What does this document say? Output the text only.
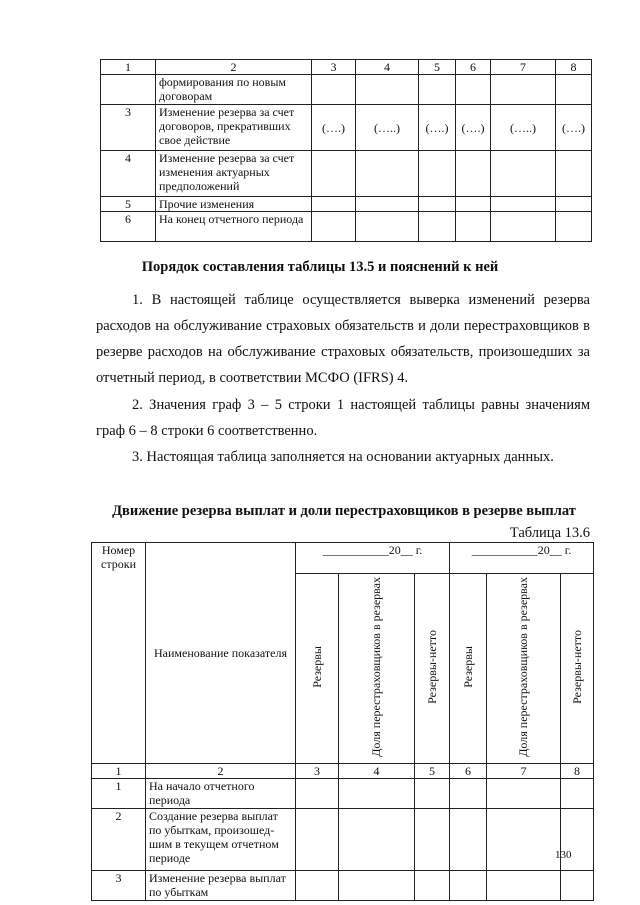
1	2	3	4	5	6	7	8
	формирования по новым договорам						
3	Изменение резерва за счет договоров, прекративших свое действие	(….)	(…..)	(….)	(….)	(…..)	(….)
4	Изменение резерва за счет изменения актуарных предположений						
5	Прочие изменения						
6	На конец отчетного периода						
Порядок составления таблицы 13.5 и пояснений к ней
1. В настоящей таблице осуществляется выверка изменений резерва расходов на обслуживание страховых обязательств и доли перестраховщиков в резерве расходов на обслуживание страховых обязательств, произошедших за отчетный период, в соответствии МСФО (IFRS) 4.
2. Значения граф 3 – 5 строки 1 настоящей таблицы равны значениям граф 6 – 8 строки 6 соответственно.
3. Настоящая таблица заполняется на основании актуарных данных.
Движение резерва выплат и доли перестраховщиков в резерве выплат
Таблица 13.6
Номер строки	Наименование показателя	___________20__ г.			___________20__ г.		
		Резервы	Доля перестраховщиков в резервах	Резервы-нетто	Резервы	Доля перестраховщиков в резервах	Резервы-нетто
1	2	3	4	5	6	7	8
1	На начало отчетного периода						
2	Создание резерва выплат по убыткам, произошед-шим в текущем отчетном периоде						
3	Изменение резерва выплат по убыткам						
130
